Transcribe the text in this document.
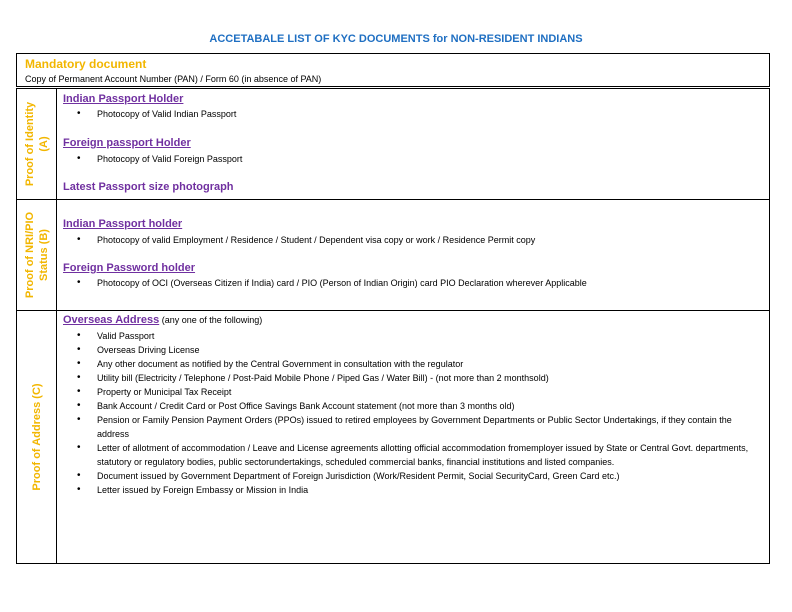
ACCETABALE LIST OF KYC DOCUMENTS for NON-RESIDENT INDIANS
Mandatory document
Copy of Permanent Account Number (PAN) / Form 60 (in absence of PAN)
Proof of Identity (A)
Indian Passport Holder
• Photocopy of Valid Indian Passport
Foreign passport Holder
• Photocopy of Valid Foreign Passport
Latest Passport size photograph
Proof of NRI/PIO Status (B)
Indian Passport holder
• Photocopy of valid Employment / Residence / Student / Dependent visa copy or work / Residence Permit copy
Foreign Password holder
• Photocopy of OCI (Overseas Citizen if India) card / PIO (Person of Indian Origin) card PIO Declaration wherever Applicable
Proof of Address (C)
Overseas Address (any one of the following)
• Valid Passport
• Overseas Driving License
• Any other document as notified by the Central Government in consultation with the regulator
• Utility bill (Electricity / Telephone / Post-Paid Mobile Phone / Piped Gas / Water Bill) - (not more than 2 monthsold)
• Property or Municipal Tax Receipt
• Bank Account / Credit Card or Post Office Savings Bank Account statement (not more than 3 months old)
• Pension or Family Pension Payment Orders (PPOs) issued to retired employees by Government Departments or Public Sector Undertakings, if they contain the address
• Letter of allotment of accommodation / Leave and License agreements allotting official accommodation fromemployer issued by State or Central Govt. departments, statutory or regulatory bodies, public sectorundertakings, scheduled commercial banks, financial institutions and listed companies.
• Document issued by Government Department of Foreign Jurisdiction (Work/Resident Permit, Social SecurityCard, Green Card etc.)
• Letter issued by Foreign Embassy or Mission in India
